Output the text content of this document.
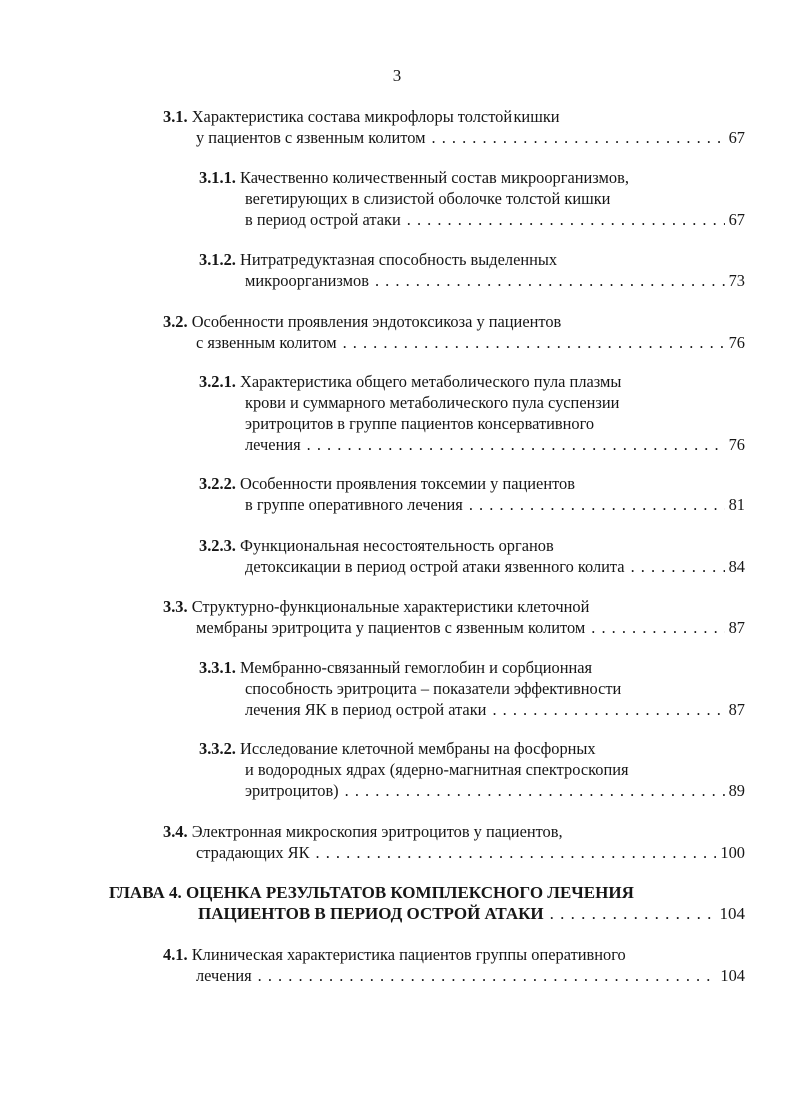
3
3.1. Характеристика состава микрофлоры толстой кишки
у пациентов с язвенным колитом . . .	67
3.1.1. Качественно количественный состав микроорганизмов,
вегетирующих в слизистой оболочке толстой кишки
в период острой атаки . . .	67
3.1.2. Нитратредуктазная способность выделенных
микроорганизмов . . .	73
3.2. Особенности проявления эндотоксикоза у пациентов
с язвенным колитом . . .	76
3.2.1. Характеристика общего метаболического пула плазмы
крови и суммарного метаболического пула суспензии
эритроцитов в группе пациентов консервативного
лечения . . .	76
3.2.2. Особенности проявления токсемии у пациентов
в группе оперативного лечения . . .	81
3.2.3. Функциональная несостоятельность органов
детоксикации в период острой атаки язвенного колита . . .	84
3.3. Структурно-функциональные характеристики клеточной
мембраны эритроцита у пациентов с язвенным колитом . . .	87
3.3.1. Мембранно-связанный гемоглобин и сорбционная
способность эритроцита – показатели эффективности
лечения ЯК в период острой атаки . . .	87
3.3.2. Исследование клеточной мембраны на фосфорных
и водородных ядрах (ядерно-магнитная спектроскопия
эритроцитов) . . .	89
3.4. Электронная микроскопия эритроцитов у пациентов,
страдающих ЯК . . .	100
ГЛАВА 4. ОЦЕНКА РЕЗУЛЬТАТОВ КОМПЛЕКСНОГО ЛЕЧЕНИЯ
ПАЦИЕНТОВ В ПЕРИОД ОСТРОЙ АТАКИ . . .	104
4.1. Клиническая характеристика пациентов группы оперативного
лечения . . .	104
